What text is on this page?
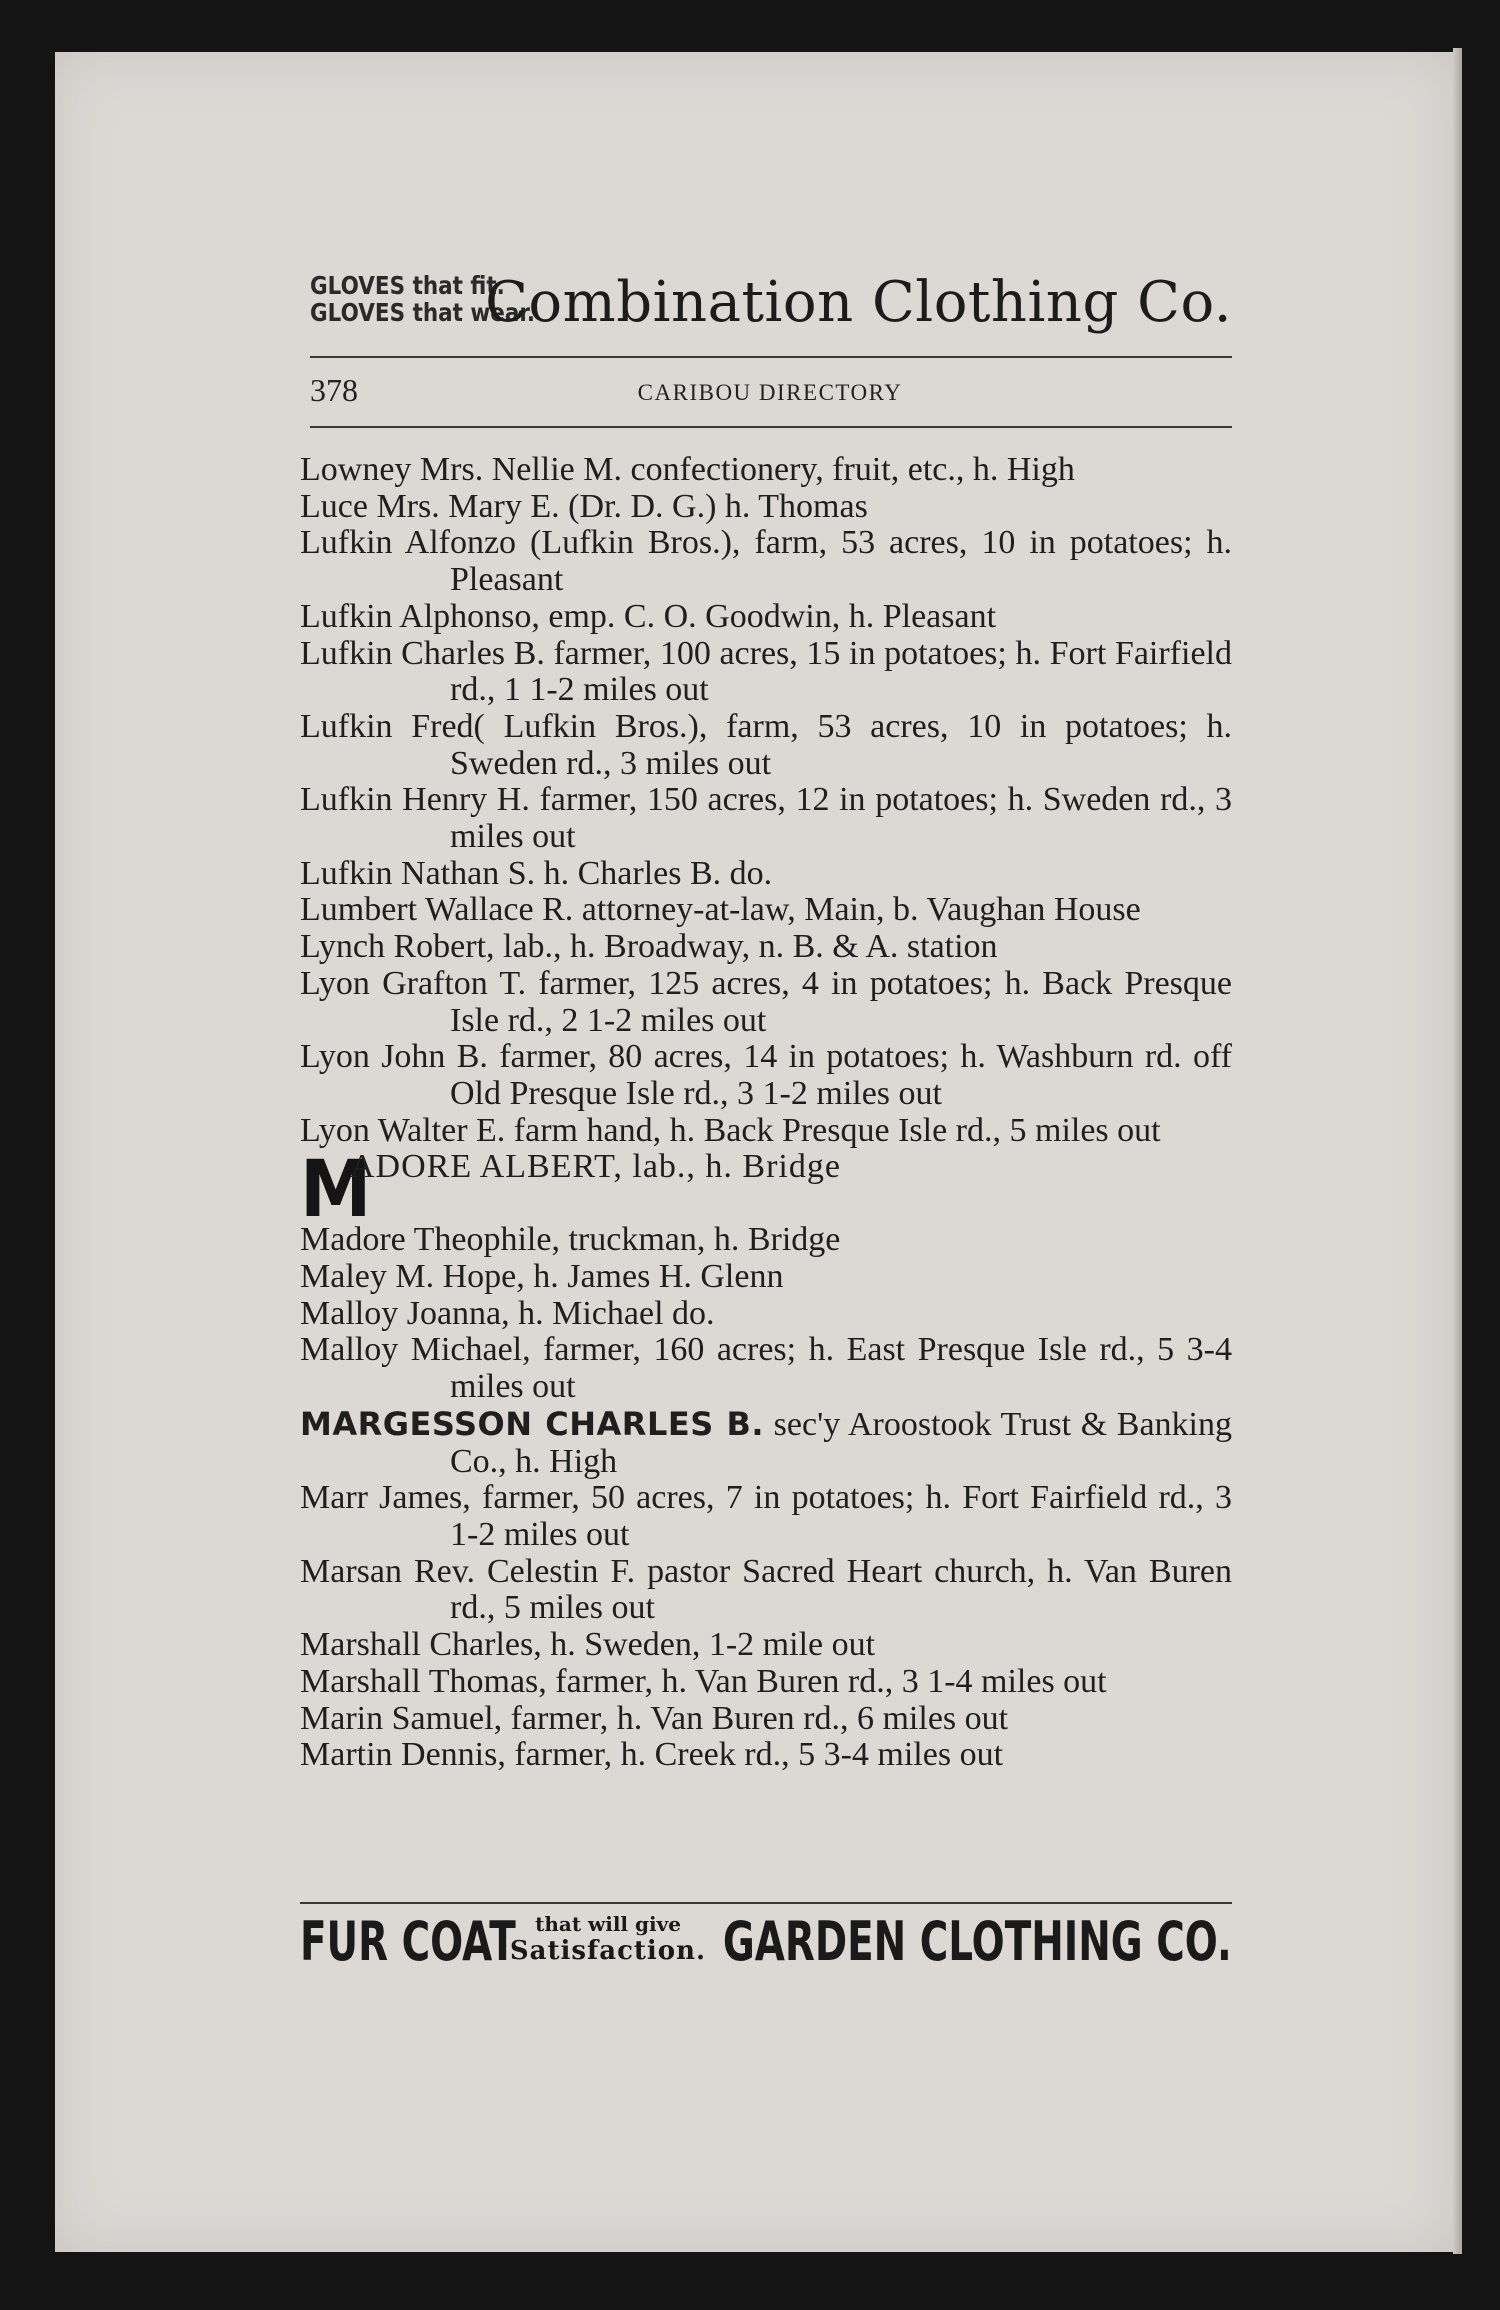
GLOVES that fit.
GLOVES that wear.
Combination Clothing Co.
378	CARIBOU DIRECTORY
Lowney Mrs. Nellie M. confectionery, fruit, etc., h. High
Luce Mrs. Mary E. (Dr. D. G.) h. Thomas
Lufkin Alfonzo (Lufkin Bros.), farm, 53 acres, 10 in potatoes; h. Pleasant
Lufkin Alphonso, emp. C. O. Goodwin, h. Pleasant
Lufkin Charles B. farmer, 100 acres, 15 in potatoes; h. Fort Fairfield rd., 1 1-2 miles out
Lufkin Fred( Lufkin Bros.), farm, 53 acres, 10 in potatoes; h. Sweden rd., 3 miles out
Lufkin Henry H. farmer, 150 acres, 12 in potatoes; h. Sweden rd., 3 miles out
Lufkin Nathan S. h. Charles B. do.
Lumbert Wallace R. attorney-at-law, Main, b. Vaughan House
Lynch Robert, lab., h. Broadway, n. B. & A. station
Lyon Grafton T. farmer, 125 acres, 4 in potatoes; h. Back Presque Isle rd., 2 1-2 miles out
Lyon John B. farmer, 80 acres, 14 in potatoes; h. Washburn rd. off Old Presque Isle rd., 3 1-2 miles out
Lyon Walter E. farm hand, h. Back Presque Isle rd., 5 miles out
M
ADORE ALBERT, lab., h. Bridge
Madore Theophile, truckman, h. Bridge
Maley M. Hope, h. James H. Glenn
Malloy Joanna, h. Michael do.
Malloy Michael, farmer, 160 acres; h. East Presque Isle rd., 5 3-4 miles out
MARGESSON CHARLES B. sec'y Aroostook Trust & Banking Co., h. High
Marr James, farmer, 50 acres, 7 in potatoes; h. Fort Fairfield rd., 3 1-2 miles out
Marsan Rev. Celestin F. pastor Sacred Heart church, h. Van Buren rd., 5 miles out
Marshall Charles, h. Sweden, 1-2 mile out
Marshall Thomas, farmer, h. Van Buren rd., 3 1-4 miles out
Marin Samuel, farmer, h. Van Buren rd., 6 miles out
Martin Dennis, farmer, h. Creek rd., 5 3-4 miles out
FUR COAT that will give
Satisfaction. GARDEN CLOTHING CO.
